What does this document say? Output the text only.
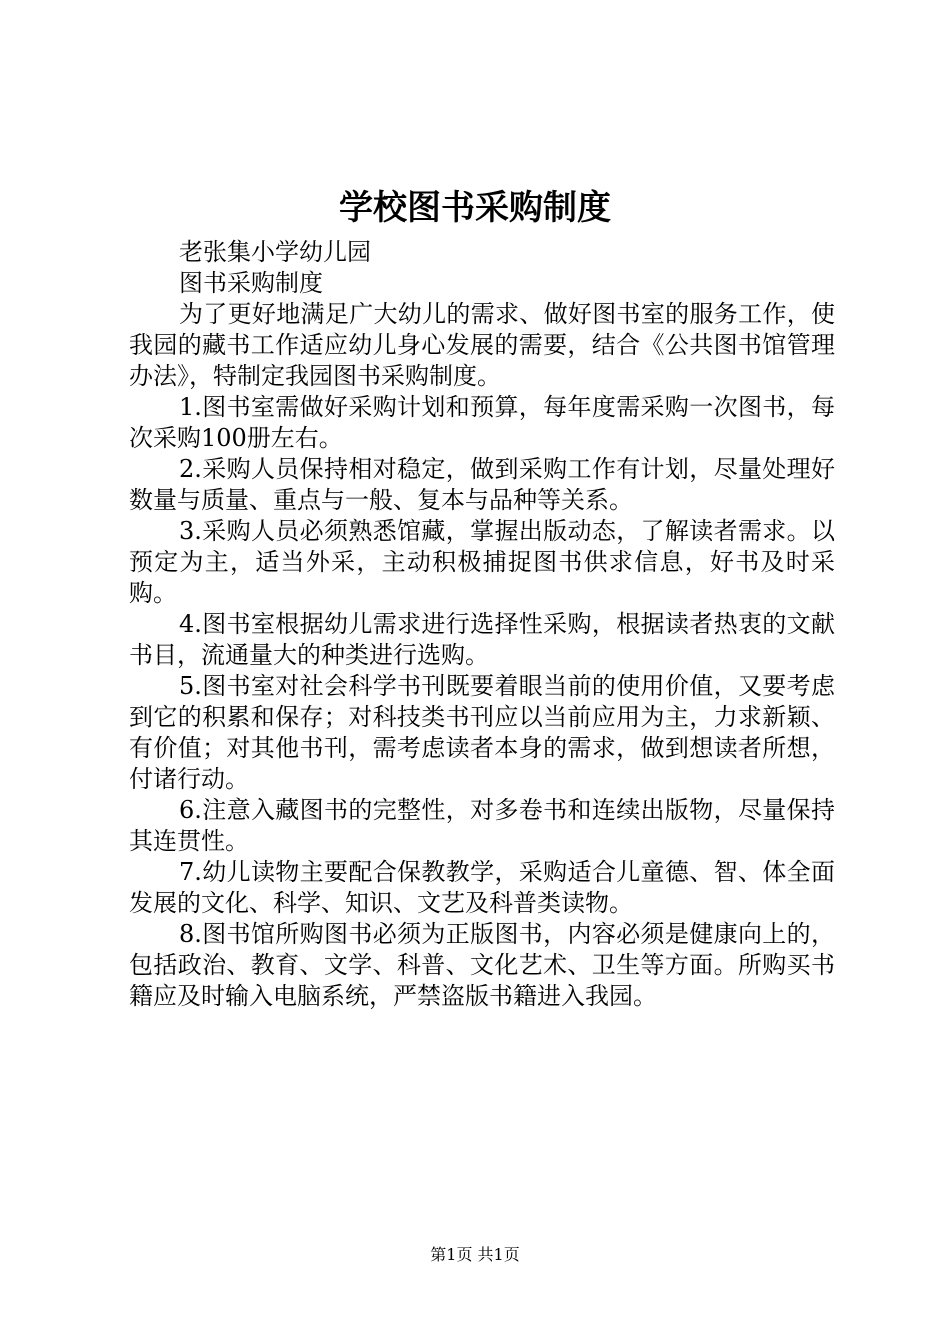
学校图书采购制度

老张集小学幼儿园

图书采购制度

为了更好地满足广大幼儿的需求、做好图书室的服务工作，使我园的藏书工作适应幼儿身心发展的需要，结合《公共图书馆管理办法》，特制定我园图书采购制度。

1.图书室需做好采购计划和预算，每年度需采购一次图书，每次采购100册左右。

2.采购人员保持相对稳定，做到采购工作有计划，尽量处理好数量与质量、重点与一般、复本与品种等关系。

3.采购人员必须熟悉馆藏，掌握出版动态，了解读者需求。以预定为主，适当外采，主动积极捕捉图书供求信息，好书及时采购。

4.图书室根据幼儿需求进行选择性采购，根据读者热衷的文献书目，流通量大的种类进行选购。

5.图书室对社会科学书刊既要着眼当前的使用价值，又要考虑到它的积累和保存；对科技类书刊应以当前应用为主，力求新颖、有价值；对其他书刊，需考虑读者本身的需求，做到想读者所想，付诸行动。

6.注意入藏图书的完整性，对多卷书和连续出版物，尽量保持其连贯性。

7.幼儿读物主要配合保教教学，采购适合儿童德、智、体全面发展的文化、科学、知识、文艺及科普类读物。

8.图书馆所购图书必须为正版图书，内容必须是健康向上的，包括政治、教育、文学、科普、文化艺术、卫生等方面。所购买书籍应及时输入电脑系统，严禁盗版书籍进入我园。

第1页 共1页
